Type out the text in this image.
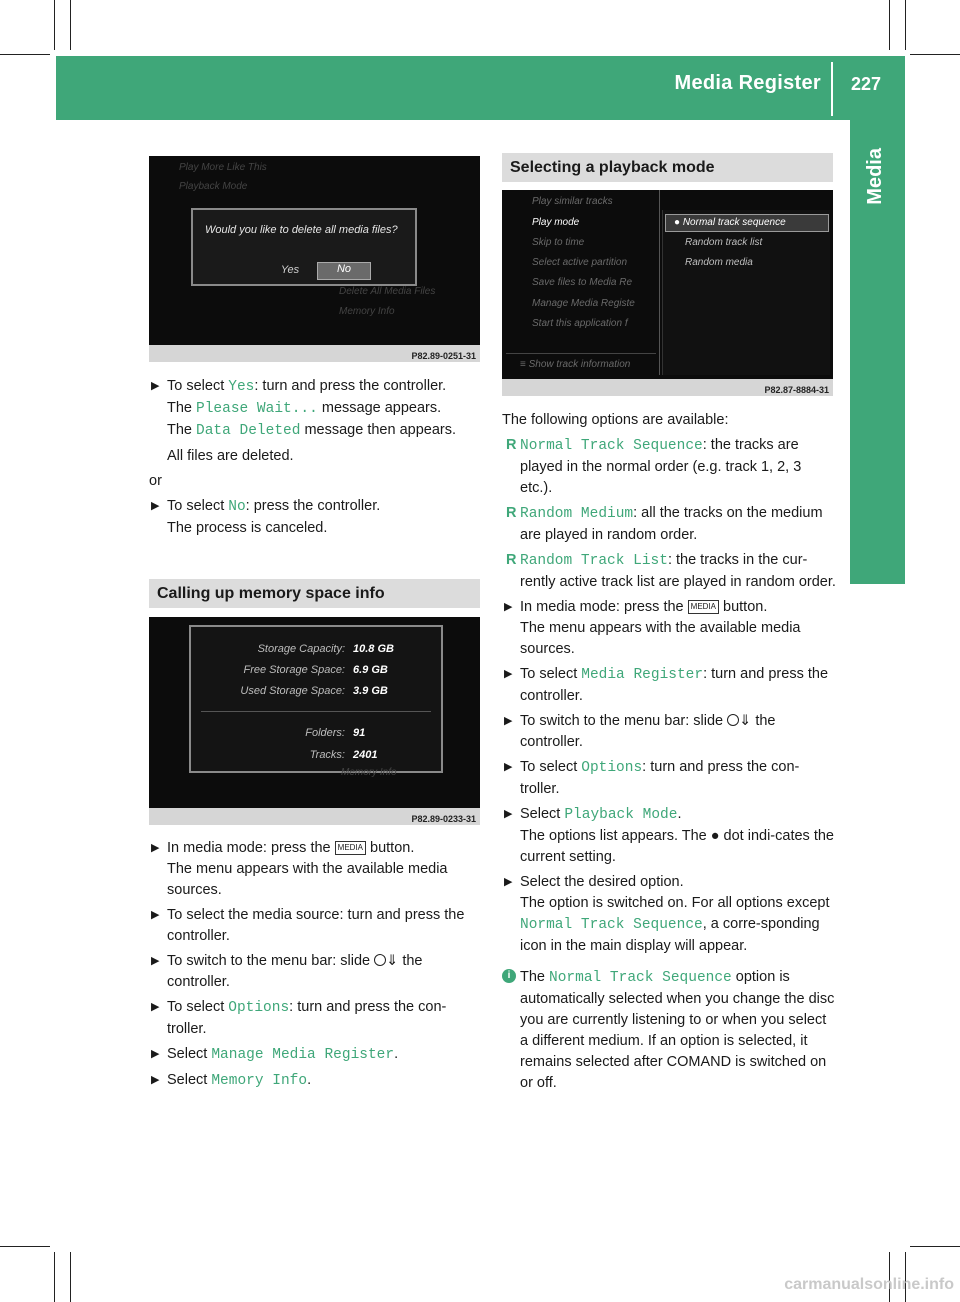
Media Register 227
Media
Play More Like This
Playback Mode
Would you like to delete all media files?
Yes	No
Delete All Media Files
Memory Info
P82.89-0251-31
▶ To select Yes: turn and press the controller.
The Please Wait... message appears.
The Data Deleted message then appears.
All files are deleted.
or
▶ To select No: press the controller.
The process is canceled.
Calling up memory space info
Storage Capacity: 10.8 GB
Free Storage Space: 6.9 GB
Used Storage Space: 3.9 GB
Folders: 91
Tracks: 2401
Memory Info
P82.89-0233-31
▶ In media mode: press the MEDIA button.
The menu appears with the available media sources.
▶ To select the media source: turn and press the controller.
▶ To switch to the menu bar: slide ⇓ the controller.
▶ To select Options: turn and press the con-troller.
▶ Select Manage Media Register.
▶ Select Memory Info.
Selecting a playback mode
Play similar tracks
Play mode
Skip to time
Select active partition
Save files to Media Re
Manage Media Registe
Start this application f
≡ Show track information
● Normal track sequence
Random track list
Random media
P82.87-8884-31
The following options are available:
R Normal Track Sequence: the tracks are played in the normal order (e.g. track 1, 2, 3 etc.).
R Random Medium: all the tracks on the medium are played in random order.
R Random Track List: the tracks in the cur-rently active track list are played in random order.
▶ In media mode: press the MEDIA button.
The menu appears with the available media sources.
▶ To select Media Register: turn and press the controller.
▶ To switch to the menu bar: slide ⇓ the controller.
▶ To select Options: turn and press the con-troller.
▶ Select Playback Mode.
The options list appears. The ● dot indi-cates the current setting.
▶ Select the desired option.
The option is switched on. For all options except Normal Track Sequence, a corre-sponding icon in the main display will appear.
i The Normal Track Sequence option is automatically selected when you change the disc you are currently listening to or when you select a different medium. If an option is selected, it remains selected after COMAND is switched on or off.
carmanualsonline.info
